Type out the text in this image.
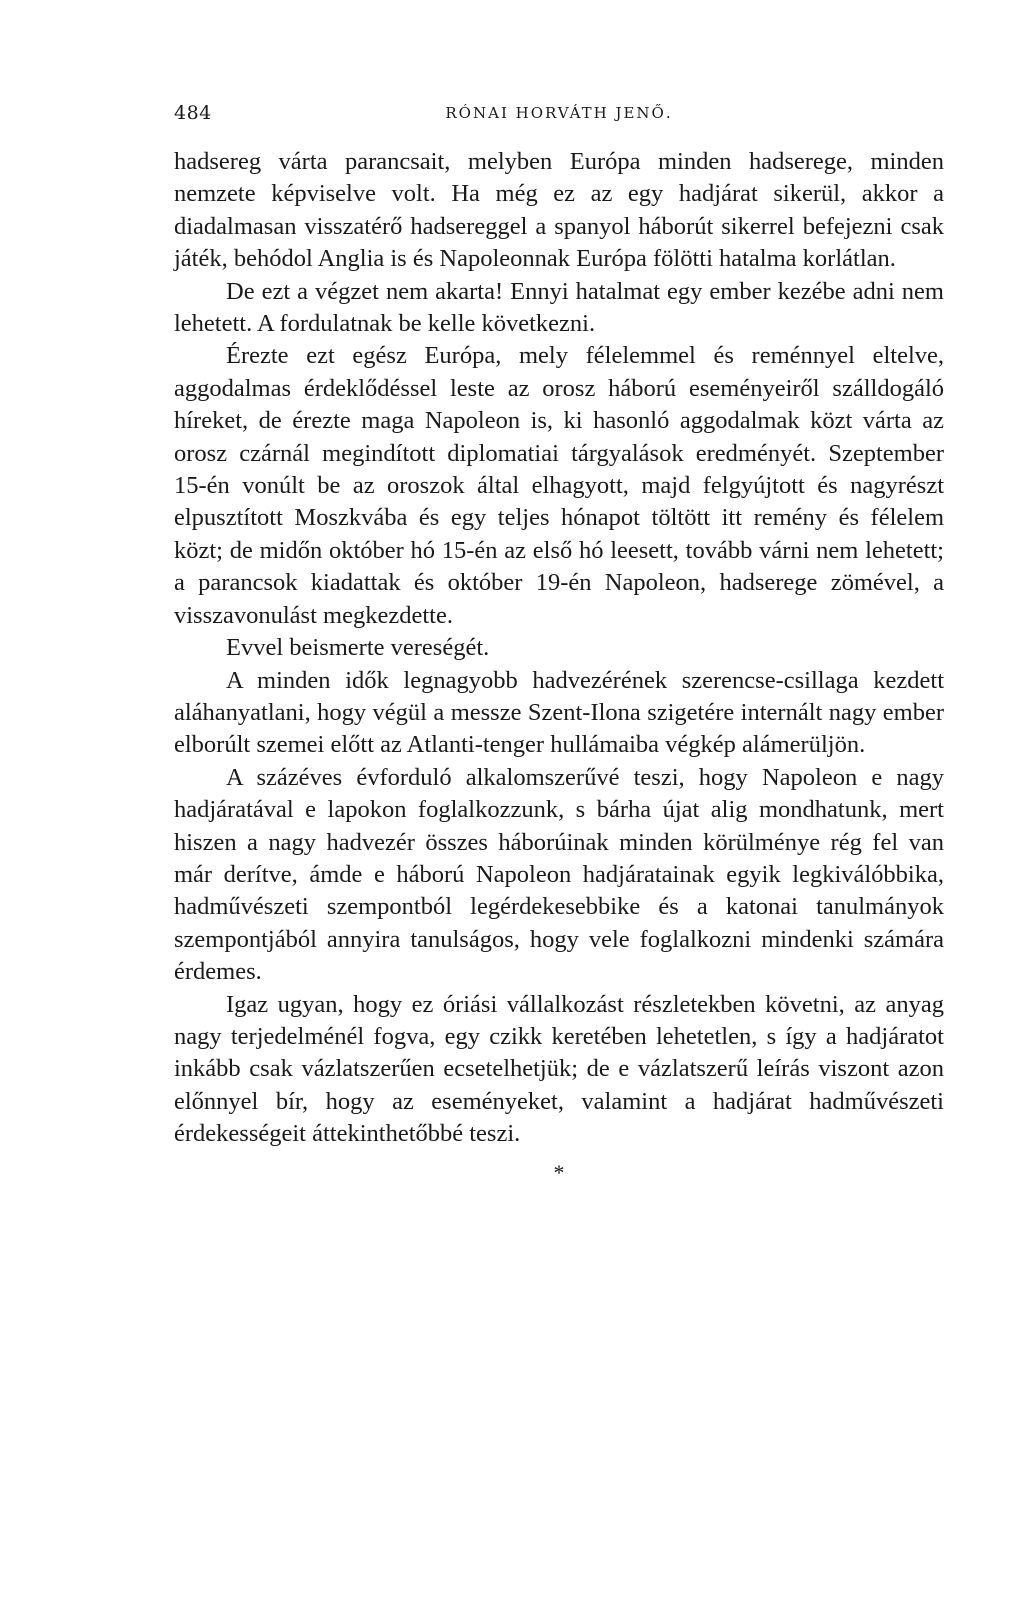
484	RÓNAI HORVÁTH JENŐ.

hadsereg várta parancsait, melyben Európa minden hadserege, minden nemzete képviselve volt. Ha még ez az egy hadjárat sikerül, akkor a diadalmasan visszatérő hadsereggel a spanyol háborút sikerrel befejezni csak játék, behódol Anglia is és Napoleonnak Európa fölötti hatalma korlátlan.

De ezt a végzet nem akarta! Ennyi hatalmat egy ember kezébe adni nem lehetett. A fordulatnak be kelle következni.

Érezte ezt egész Európa, mely félelemmel és reménnyel eltelve, aggodalmas érdeklődéssel leste az orosz háború eseményeiről szálldogáló híreket, de érezte maga Napoleon is, ki hasonló aggodalmak közt várta az orosz czárnál megindított diplomatiai tárgyalások eredményét. Szeptember 15-én vonúlt be az oroszok által elhagyott, majd felgyújtott és nagyrészt elpusztított Moszkvába és egy teljes hónapot töltött itt remény és félelem közt; de midőn október hó 15-én az első hó leesett, tovább várni nem lehetett; a parancsok kiadattak és október 19-én Napoleon, hadserege zömével, a visszavonulást megkezdette.

Evvel beismerte vereségét.

A minden idők legnagyobb hadvezérének szerencse-csillaga kezdett aláhanyatlani, hogy végül a messze Szent-Ilona szigetére internált nagy ember elborúlt szemei előtt az Atlanti-tenger hullámaiba végkép alámerüljön.

A százéves évforduló alkalomszerűvé teszi, hogy Napoleon e nagy hadjáratával e lapokon foglalkozzunk, s bárha újat alig mondhatunk, mert hiszen a nagy hadvezér összes háborúinak minden körülménye rég fel van már derítve, ámde e háború Napoleon hadjáratainak egyik legkiválóbbika, hadművészeti szempontból legérdekesebbike és a katonai tanulmányok szempontjából annyira tanulságos, hogy vele foglalkozni mindenki számára érdemes.

Igaz ugyan, hogy ez óriási vállalkozást részletekben követni, az anyag nagy terjedelménél fogva, egy czikk keretében lehetetlen, s így a hadjáratot inkább csak vázlatszerűen ecsetelhetjük; de e vázlatszerű leírás viszont azon előnnyel bír, hogy az eseményeket, valamint a hadjárat hadművészeti érdekességeit áttekinthetőbbé teszi.

*
